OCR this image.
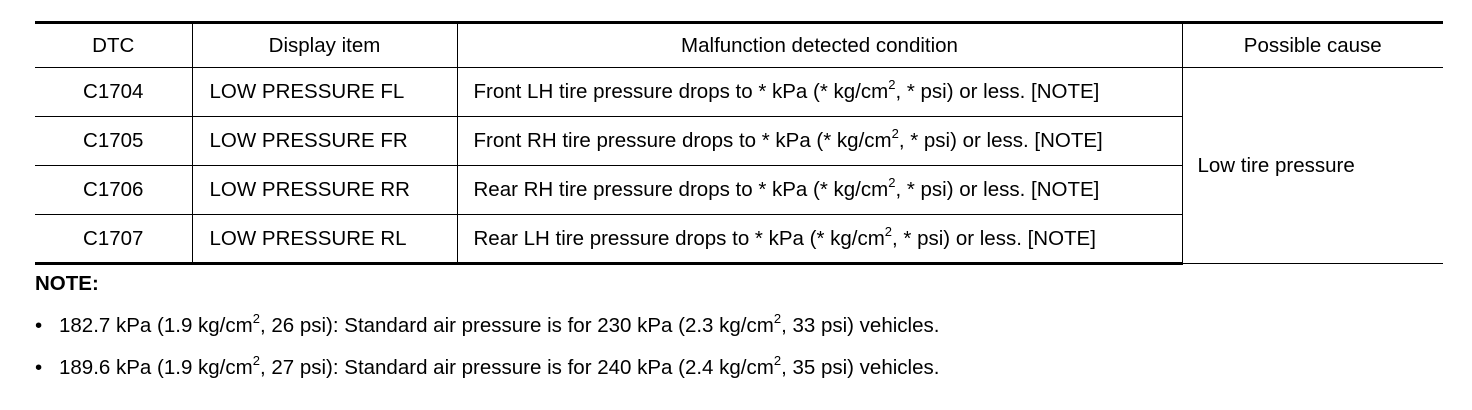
DTC	Display item	Malfunction detected condition	Possible cause
C1704	LOW PRESSURE FL	Front LH tire pressure drops to * kPa (* $kg/cm^2$, * psi) or less. [NOTE]	Low tire pressure
C1705	LOW PRESSURE FR	Front RH tire pressure drops to * kPa (* $kg/cm^2$, * psi) or less. [NOTE]	
C1706	LOW PRESSURE RR	Rear RH tire pressure drops to * kPa (* $kg/cm^2$, * psi) or less. [NOTE]	
C1707	LOW PRESSURE RL	Rear LH tire pressure drops to * kPa (* $kg/cm^2$, * psi) or less. [NOTE]	
NOTE:
• 182.7 kPa (1.9 $kg/cm^2$, 26 psi): Standard air pressure is for 230 kPa (2.3 $kg/cm^2$, 33 psi) vehicles.
• 189.6 kPa (1.9 $kg/cm^2$, 27 psi): Standard air pressure is for 240 kPa (2.4 $kg/cm^2$, 35 psi) vehicles.
